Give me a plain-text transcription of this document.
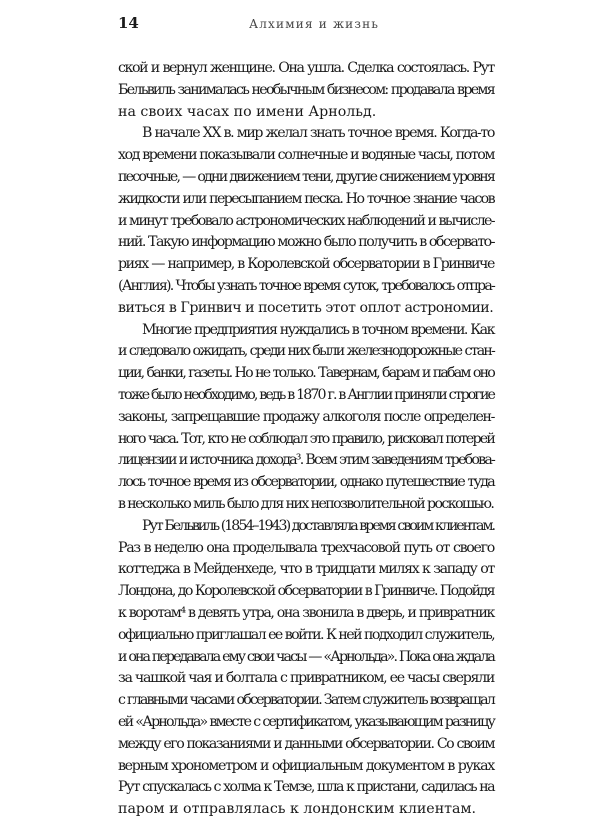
14	Алхимия и жизнь
ской и вернул женщине. Она ушла. Сделка состоялась. Рут
Бельвиль занималась необычным бизнесом: продавала время
на своих часах по имени Арнольд.
В начале XX в. мир желал знать точное время. Когда-то
ход времени показывали солнечные и водяные часы, потом
песочные, — одни движением тени, другие снижением уровня
жидкости или пересыпанием песка. Но точное знание часов
и минут требовало астрономических наблюдений и вычисле-
ний. Такую информацию можно было получить в обсервато-
риях — например, в Королевской обсерватории в Гринвиче
(Англия). Чтобы узнать точное время суток, требовалось отпра-
виться в Гринвич и посетить этот оплот астрономии.
Многие предприятия нуждались в точном времени. Как
и следовало ожидать, среди них были железнодорожные стан-
ции, банки, газеты. Но не только. Тавернам, барам и пабам оно
тоже было необходимо, ведь в 1870 г. в Англии приняли строгие
законы, запрещавшие продажу алкоголя после определен-
ного часа. Тот, кто не соблюдал это правило, рисковал потерей
лицензии и источника дохода³. Всем этим заведениям требова-
лось точное время из обсерватории, однако путешествие туда
в несколько миль было для них непозволительной роскошью.
Рут Бельвиль (1854–1943) доставляла время своим клиентам.
Раз в неделю она проделывала трехчасовой путь от своего
коттеджа в Мейденхеде, что в тридцати милях к западу от
Лондона, до Королевской обсерватории в Гринвиче. Подойдя
к воротам⁴ в девять утра, она звонила в дверь, и привратник
официально приглашал ее войти. К ней подходил служитель,
и она передавала ему свои часы — «Арнольда». Пока она ждала
за чашкой чая и болтала с привратником, ее часы сверяли
с главными часами обсерватории. Затем служитель возвращал
ей «Арнольда» вместе с сертификатом, указывающим разницу
между его показаниями и данными обсерватории. Со своим
верным хронометром и официальным документом в руках
Рут спускалась с холма к Темзе, шла к пристани, садилась на
паром и отправлялась к лондонским клиентам.
